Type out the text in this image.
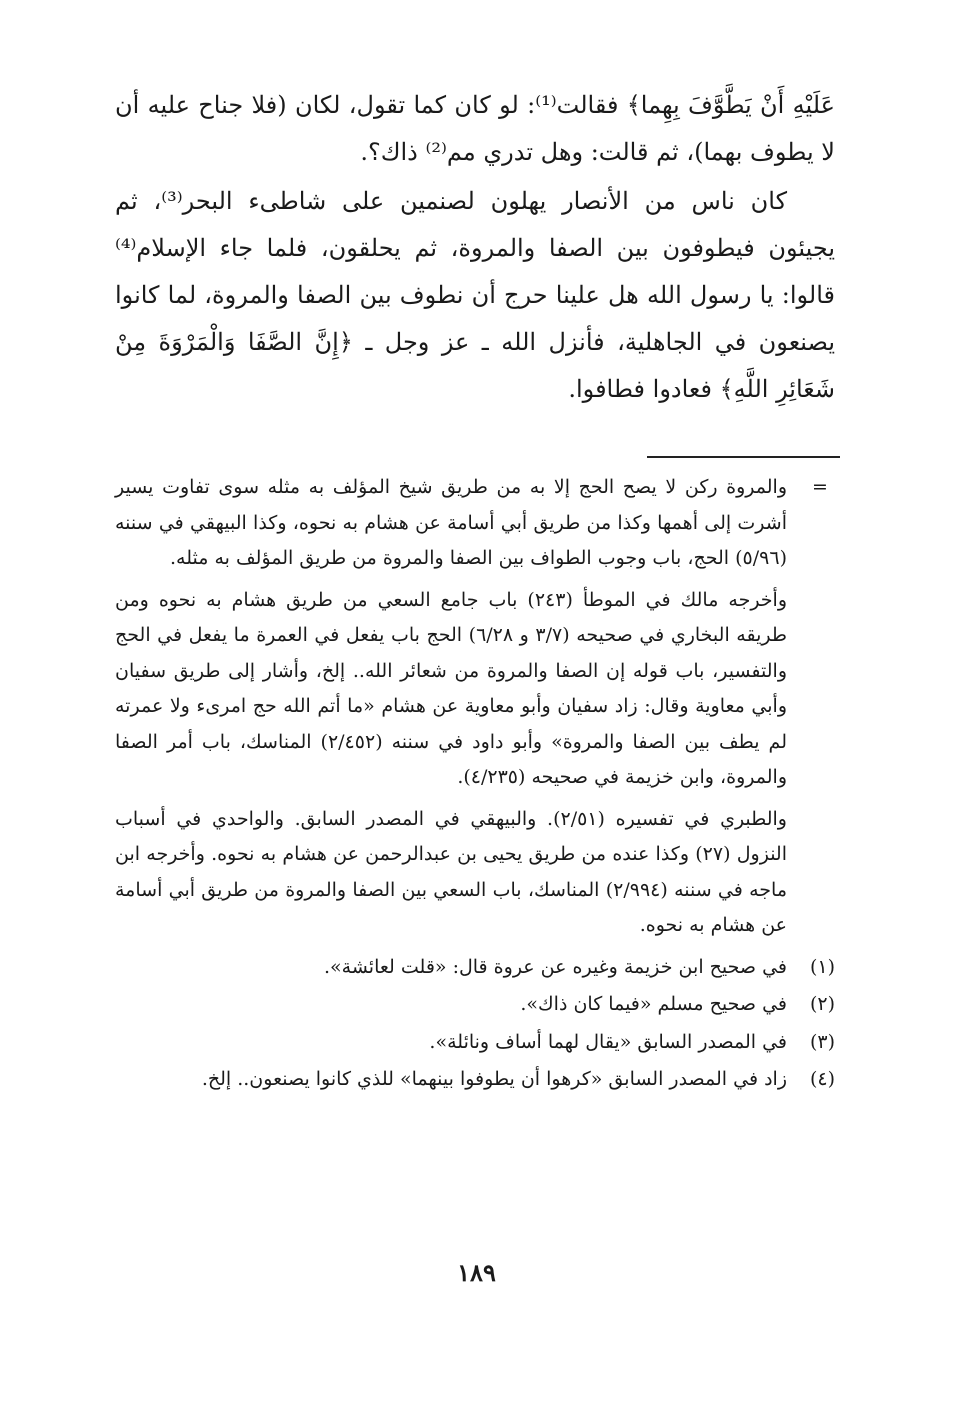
عَلَيْهِ أَنْ يَطَّوَّفَ بِهِما﴾ فقالت⁽¹⁾: لو كان كما تقول، لكان (فلا جناح عليه أن لا يطوف بهما)، ثم قالت: وهل تدري مم⁽²⁾ ذاك؟.

كان ناس من الأنصار يهلون لصنمين على شاطىء البحر⁽³⁾، ثم يجيئون فيطوفون بين الصفا والمروة، ثم يحلقون، فلما جاء الإسلام⁽⁴⁾ قالوا: يا رسول الله هل علينا حرج أن نطوف بين الصفا والمروة، لما كانوا يصنعون في الجاهلية، فأنزل الله ـ عز وجل ـ ﴿إِنَّ الصَّفَا وَالْمَرْوَةَ مِنْ شَعَائِرِ اللَّهِ﴾ فعادوا فطافوا.

=

والمروة ركن لا يصح الحج إلا به من طريق شيخ المؤلف به مثله سوى تفاوت يسير أشرت إلى أهمها وكذا من طريق أبي أسامة عن هشام به نحوه، وكذا البيهقي في سننه (٥/٩٦) الحج، باب وجوب الطواف بين الصفا والمروة من طريق المؤلف به مثله.

وأخرجه مالك في الموطأ (٢٤٣) باب جامع السعي من طريق هشام به نحوه ومن طريقه البخاري في صحيحه (٣/٧ و ٦/٢٨) الحج باب يفعل في العمرة ما يفعل في الحج والتفسير، باب قوله إن الصفا والمروة من شعائر الله.. إلخ، وأشار إلى طريق سفيان وأبي معاوية وقال: زاد سفيان وأبو معاوية عن هشام «ما أتم الله حج امرىء ولا عمرته لم يطف بين الصفا والمروة» وأبو داود في سننه (٢/٤٥٢) المناسك، باب أمر الصفا والمروة، وابن خزيمة في صحيحه (٤/٢٣٥).

والطبري في تفسيره (٢/٥١). والبيهقي في المصدر السابق. والواحدي في أسباب النزول (٢٧) وكذا عنده من طريق يحيى بن عبدالرحمن عن هشام به نحوه. وأخرجه ابن ماجه في سننه (٢/٩٩٤) المناسك، باب السعي بين الصفا والمروة من طريق أبي أسامة عن هشام به نحوه.

(١)
في صحيح ابن خزيمة وغيره عن عروة قال: «قلت لعائشة».
(٢)
في صحيح مسلم «فيما كان ذاك».
(٣)
في المصدر السابق «يقال لهما أساف ونائلة».
(٤)
زاد في المصدر السابق «كرهوا أن يطوفوا بينهما» للذي كانوا يصنعون.. إلخ.
١٨٩
